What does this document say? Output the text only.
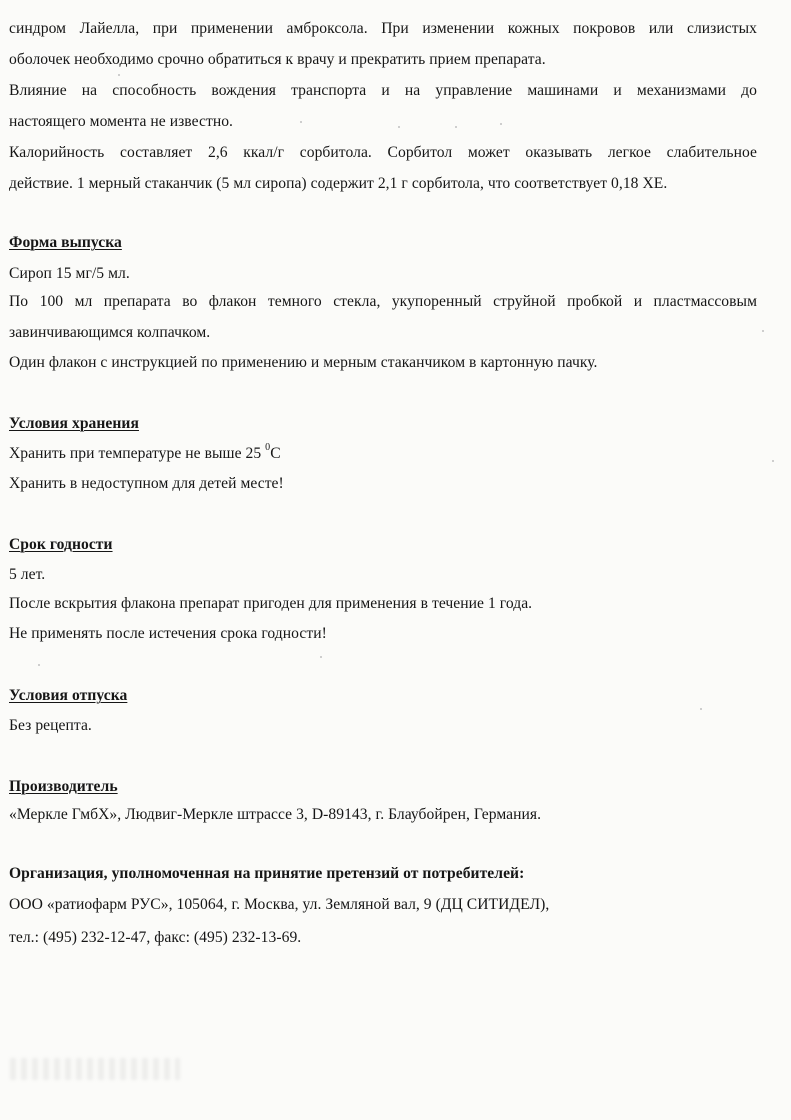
синдром Лайелла, при применении амброксола. При изменении кожных покровов или слизистых

оболочек необходимо срочно обратиться к врачу и прекратить прием препарата.

Влияние на способность вождения транспорта и на управление машинами и механизмами до

настоящего момента не известно.

Калорийность составляет 2,6 ккал/г сорбитола. Сорбитол может оказывать легкое слабительное

действие. 1 мерный стаканчик (5 мл сиропа) содержит 2,1 г сорбитола, что соответствует 0,18 ХЕ.

Форма выпуска

Сироп 15 мг/5 мл.

По 100 мл препарата во флакон темного стекла, укупоренный струйной пробкой и пластмассовым

завинчивающимся колпачком.

Один флакон с инструкцией по применению и мерным стаканчиком в картонную пачку.

Условия хранения

Хранить при температуре не выше 25 $^0$С

Хранить в недоступном для детей месте!

Срок годности

5 лет.

После вскрытия флакона препарат пригоден для применения в течение 1 года.

Не применять после истечения срока годности!

Условия отпуска

Без рецепта.

Производитель

«Меркле ГмбХ», Людвиг-Меркле штрассе 3, D-89143, г. Блаубойрен, Германия.

Организация, уполномоченная на принятие претензий от потребителей:

ООО «ратиофарм РУС», 105064, г. Москва, ул. Земляной вал, 9 (ДЦ СИТИДЕЛ),

тел.: (495) 232-12-47, факс: (495) 232-13-69.
